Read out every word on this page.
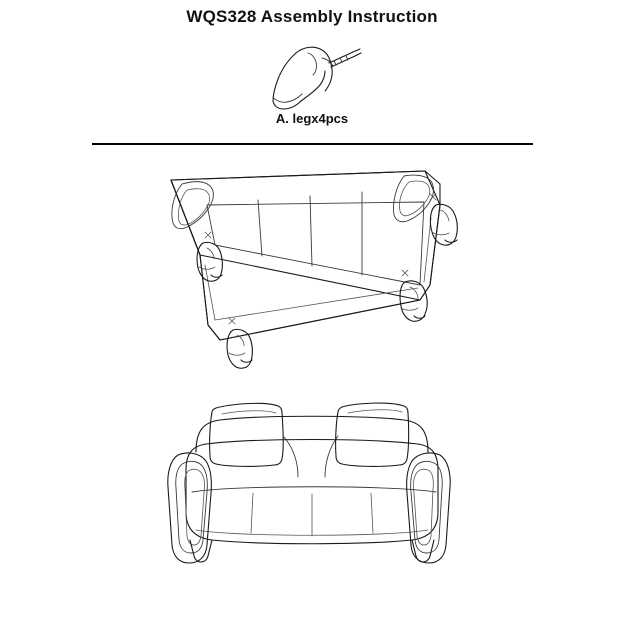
WQS328 Assembly Instruction
A. legx4pcs
